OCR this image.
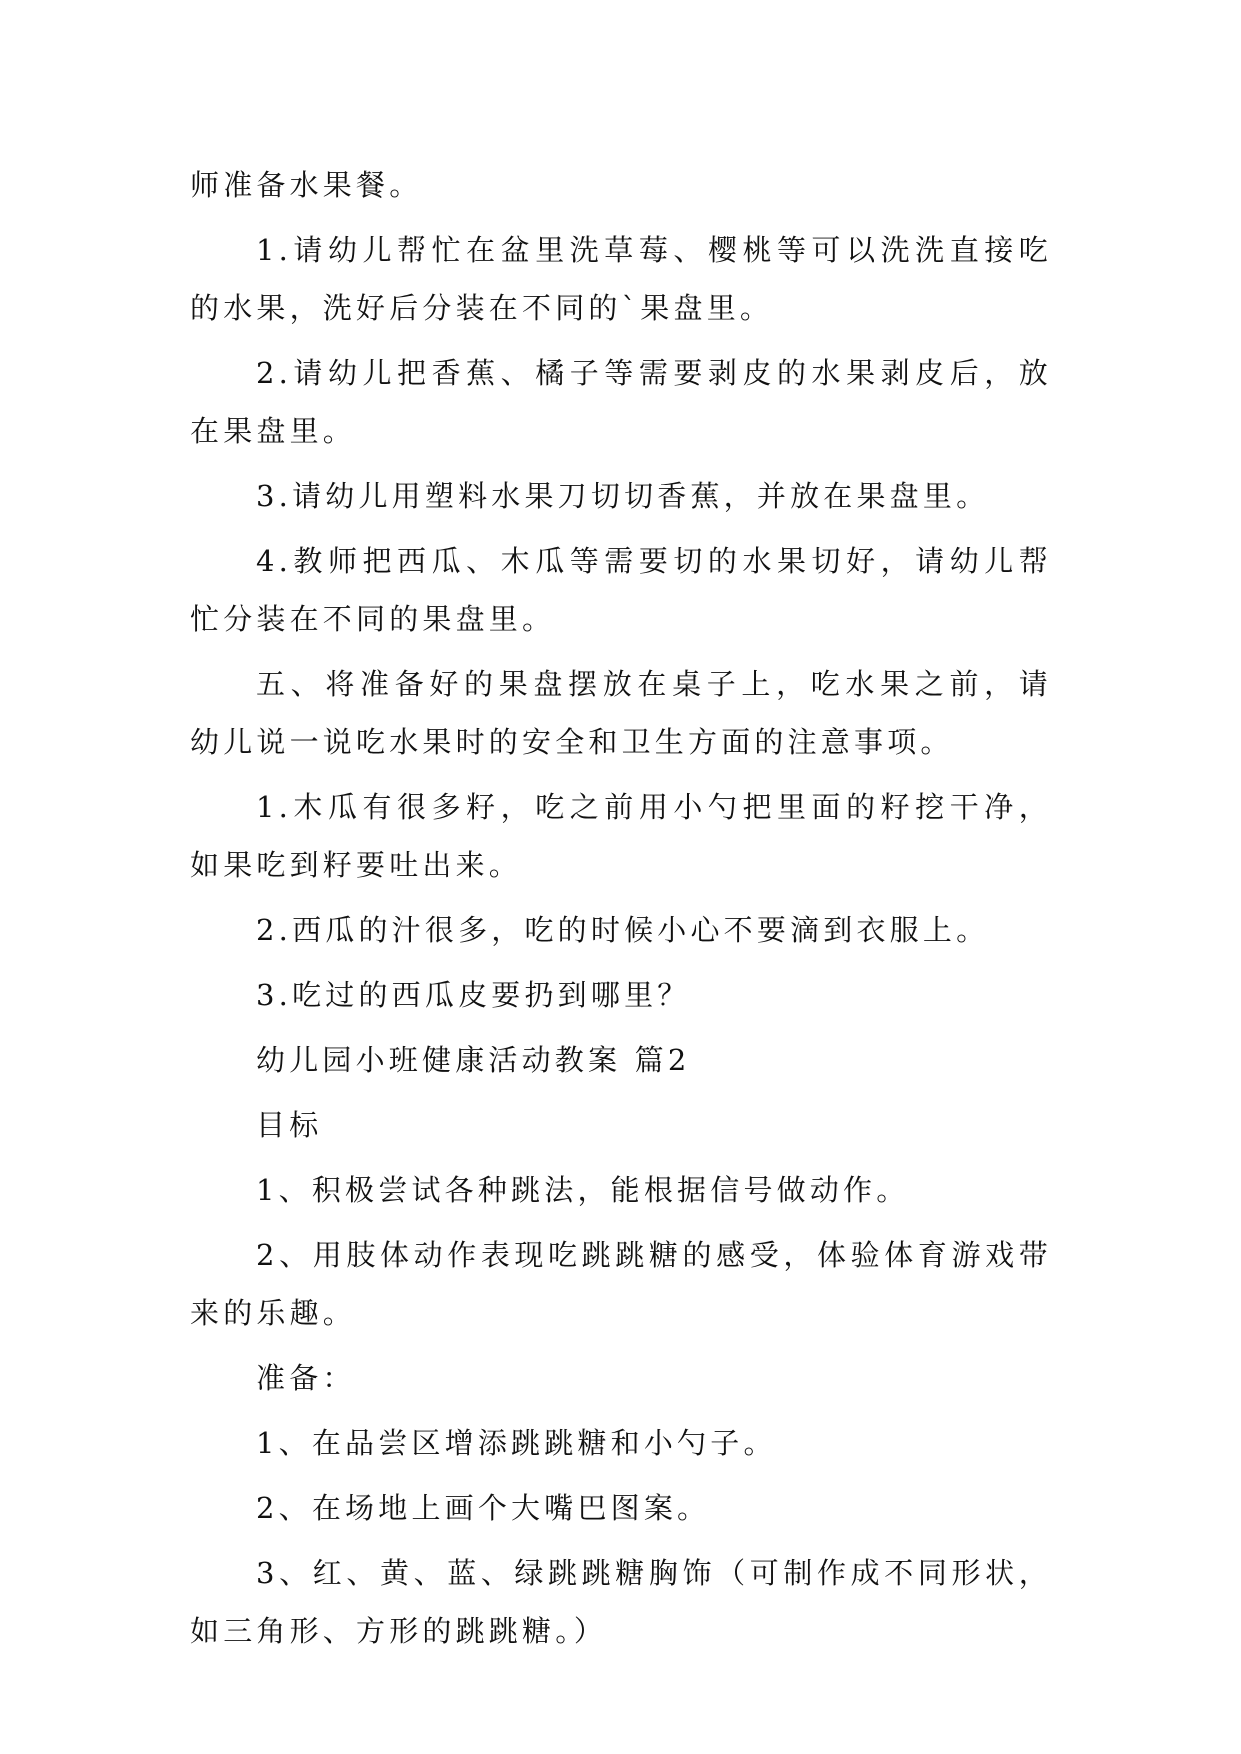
师准备水果餐。

1.请幼儿帮忙在盆里洗草莓、樱桃等可以洗洗直接吃的水果，洗好后分装在不同的`果盘里。

2.请幼儿把香蕉、橘子等需要剥皮的水果剥皮后，放在果盘里。

3.请幼儿用塑料水果刀切切香蕉，并放在果盘里。

4.教师把西瓜、木瓜等需要切的水果切好，请幼儿帮忙分装在不同的果盘里。

五、将准备好的果盘摆放在桌子上，吃水果之前，请幼儿说一说吃水果时的安全和卫生方面的注意事项。

1.木瓜有很多籽，吃之前用小勺把里面的籽挖干净，如果吃到籽要吐出来。

2.西瓜的汁很多，吃的时候小心不要滴到衣服上。

3.吃过的西瓜皮要扔到哪里？

幼儿园小班健康活动教案 篇2

目标

1、积极尝试各种跳法，能根据信号做动作。

2、用肢体动作表现吃跳跳糖的感受，体验体育游戏带来的乐趣。

准备：

1、在品尝区增添跳跳糖和小勺子。

2、在场地上画个大嘴巴图案。

3、红、黄、蓝、绿跳跳糖胸饰（可制作成不同形状，如三角形、方形的跳跳糖。）
